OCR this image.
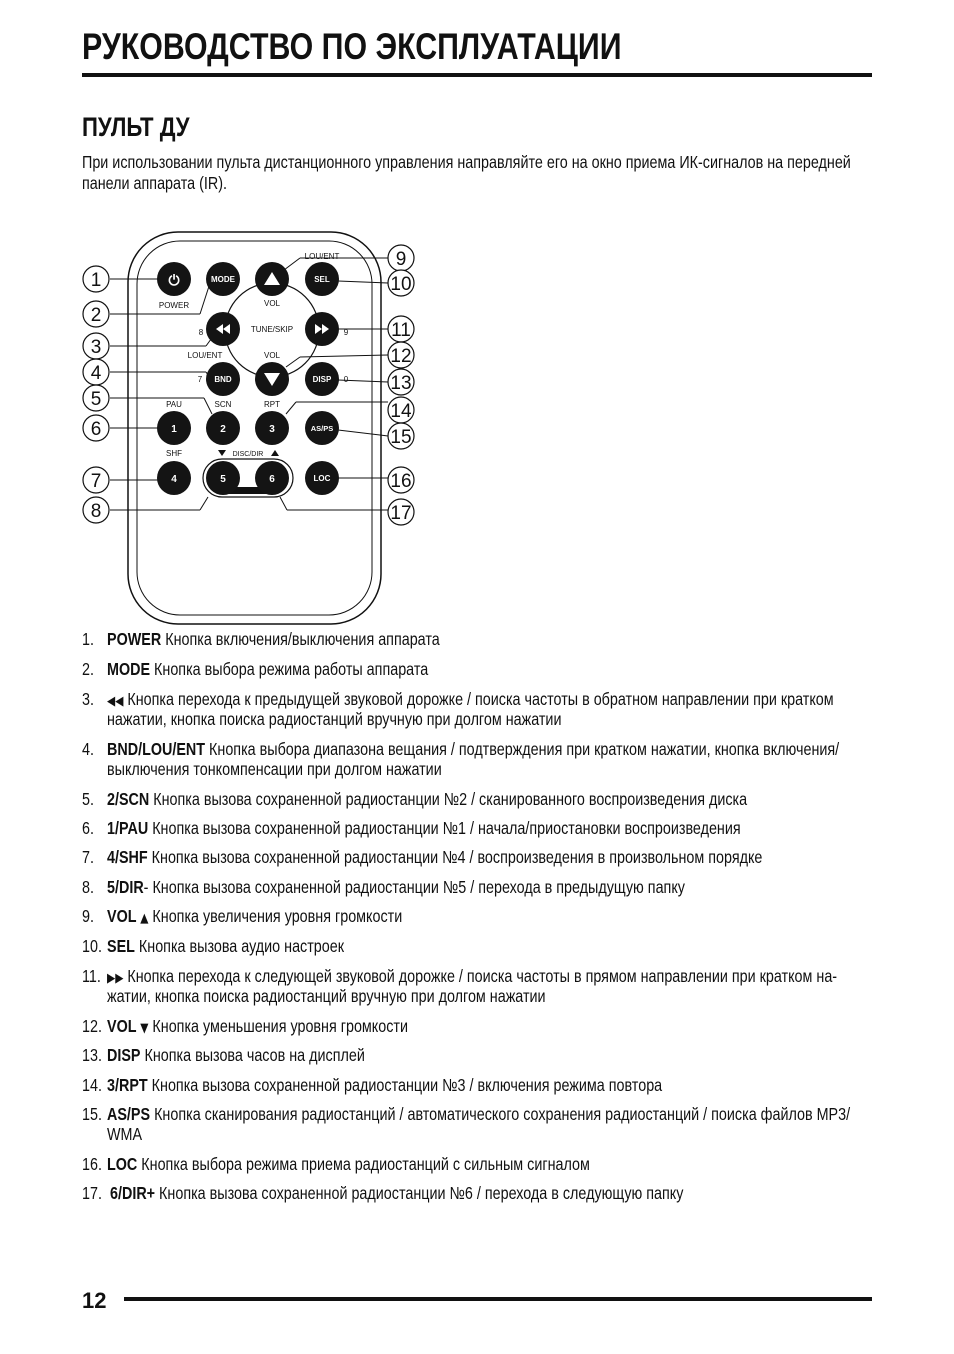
РУКОВОДСТВО ПО ЭКСПЛУАТАЦИИ
ПУЛЬТ ДУ
При использовании пульта дистанционного управления направляйте его на окно приема ИК-сигналов на передней
панели аппарата (IR).
1
2
3
4
5
6
7
8
9
10
11
12
13
14
15
16
17
⏻	MODE	SEL
BND	DISP
1	2	3	AS/PS
4	5	6	LOC
POWER
LOU/ENT
VOL
TUNE/SKIP
8	9
LOU/ENT	VOL
7	0
PAU	SCN	RPT
SHF	DISC/DIR
1. POWER Кнопка включения/выключения аппарата
2. MODE Кнопка выбора режима работы аппарата
3. ◀◀ Кнопка перехода к предыдущей звуковой дорожке / поиска частоты в обратном направлении при кратком
нажатии, кнопка поиска радиостанций вручную при долгом нажатии
4. BND/LOU/ENT Кнопка выбора диапазона вещания / подтверждения при кратком нажатии, кнопка включения/
выключения тонкомпенсации при долгом нажатии
5. 2/SCN Кнопка вызова сохраненной радиостанции №2 / сканированного воспроизведения диска
6. 1/PAU Кнопка вызова сохраненной радиостанции №1 / начала/приостановки воспроизведения
7. 4/SHF Кнопка вызова сохраненной радиостанции №4 / воспроизведения в произвольном порядке
8. 5/DIR- Кнопка вызова сохраненной радиостанции №5 / перехода в предыдущую папку
9. VOL ▲ Кнопка увеличения уровня громкости
10. SEL Кнопка вызова аудио настроек
11. ▶▶ Кнопка перехода к следующей звуковой дорожке / поиска частоты в прямом направлении при кратком на-
жатии, кнопка поиска радиостанций вручную при долгом нажатии
12. VOL ▼ Кнопка уменьшения уровня громкости
13. DISP Кнопка вызова часов на дисплей
14. 3/RPT Кнопка вызова сохраненной радиостанции №3 / включения режима повтора
15. AS/PS Кнопка сканирования радиостанций / автоматического сохранения радиостанций / поиска файлов MP3/
WMA
16. LOC Кнопка выбора режима приема радиостанций с сильным сигналом
17. 6/DIR+ Кнопка вызова сохраненной радиостанции №6 / перехода в следующую папку
12
